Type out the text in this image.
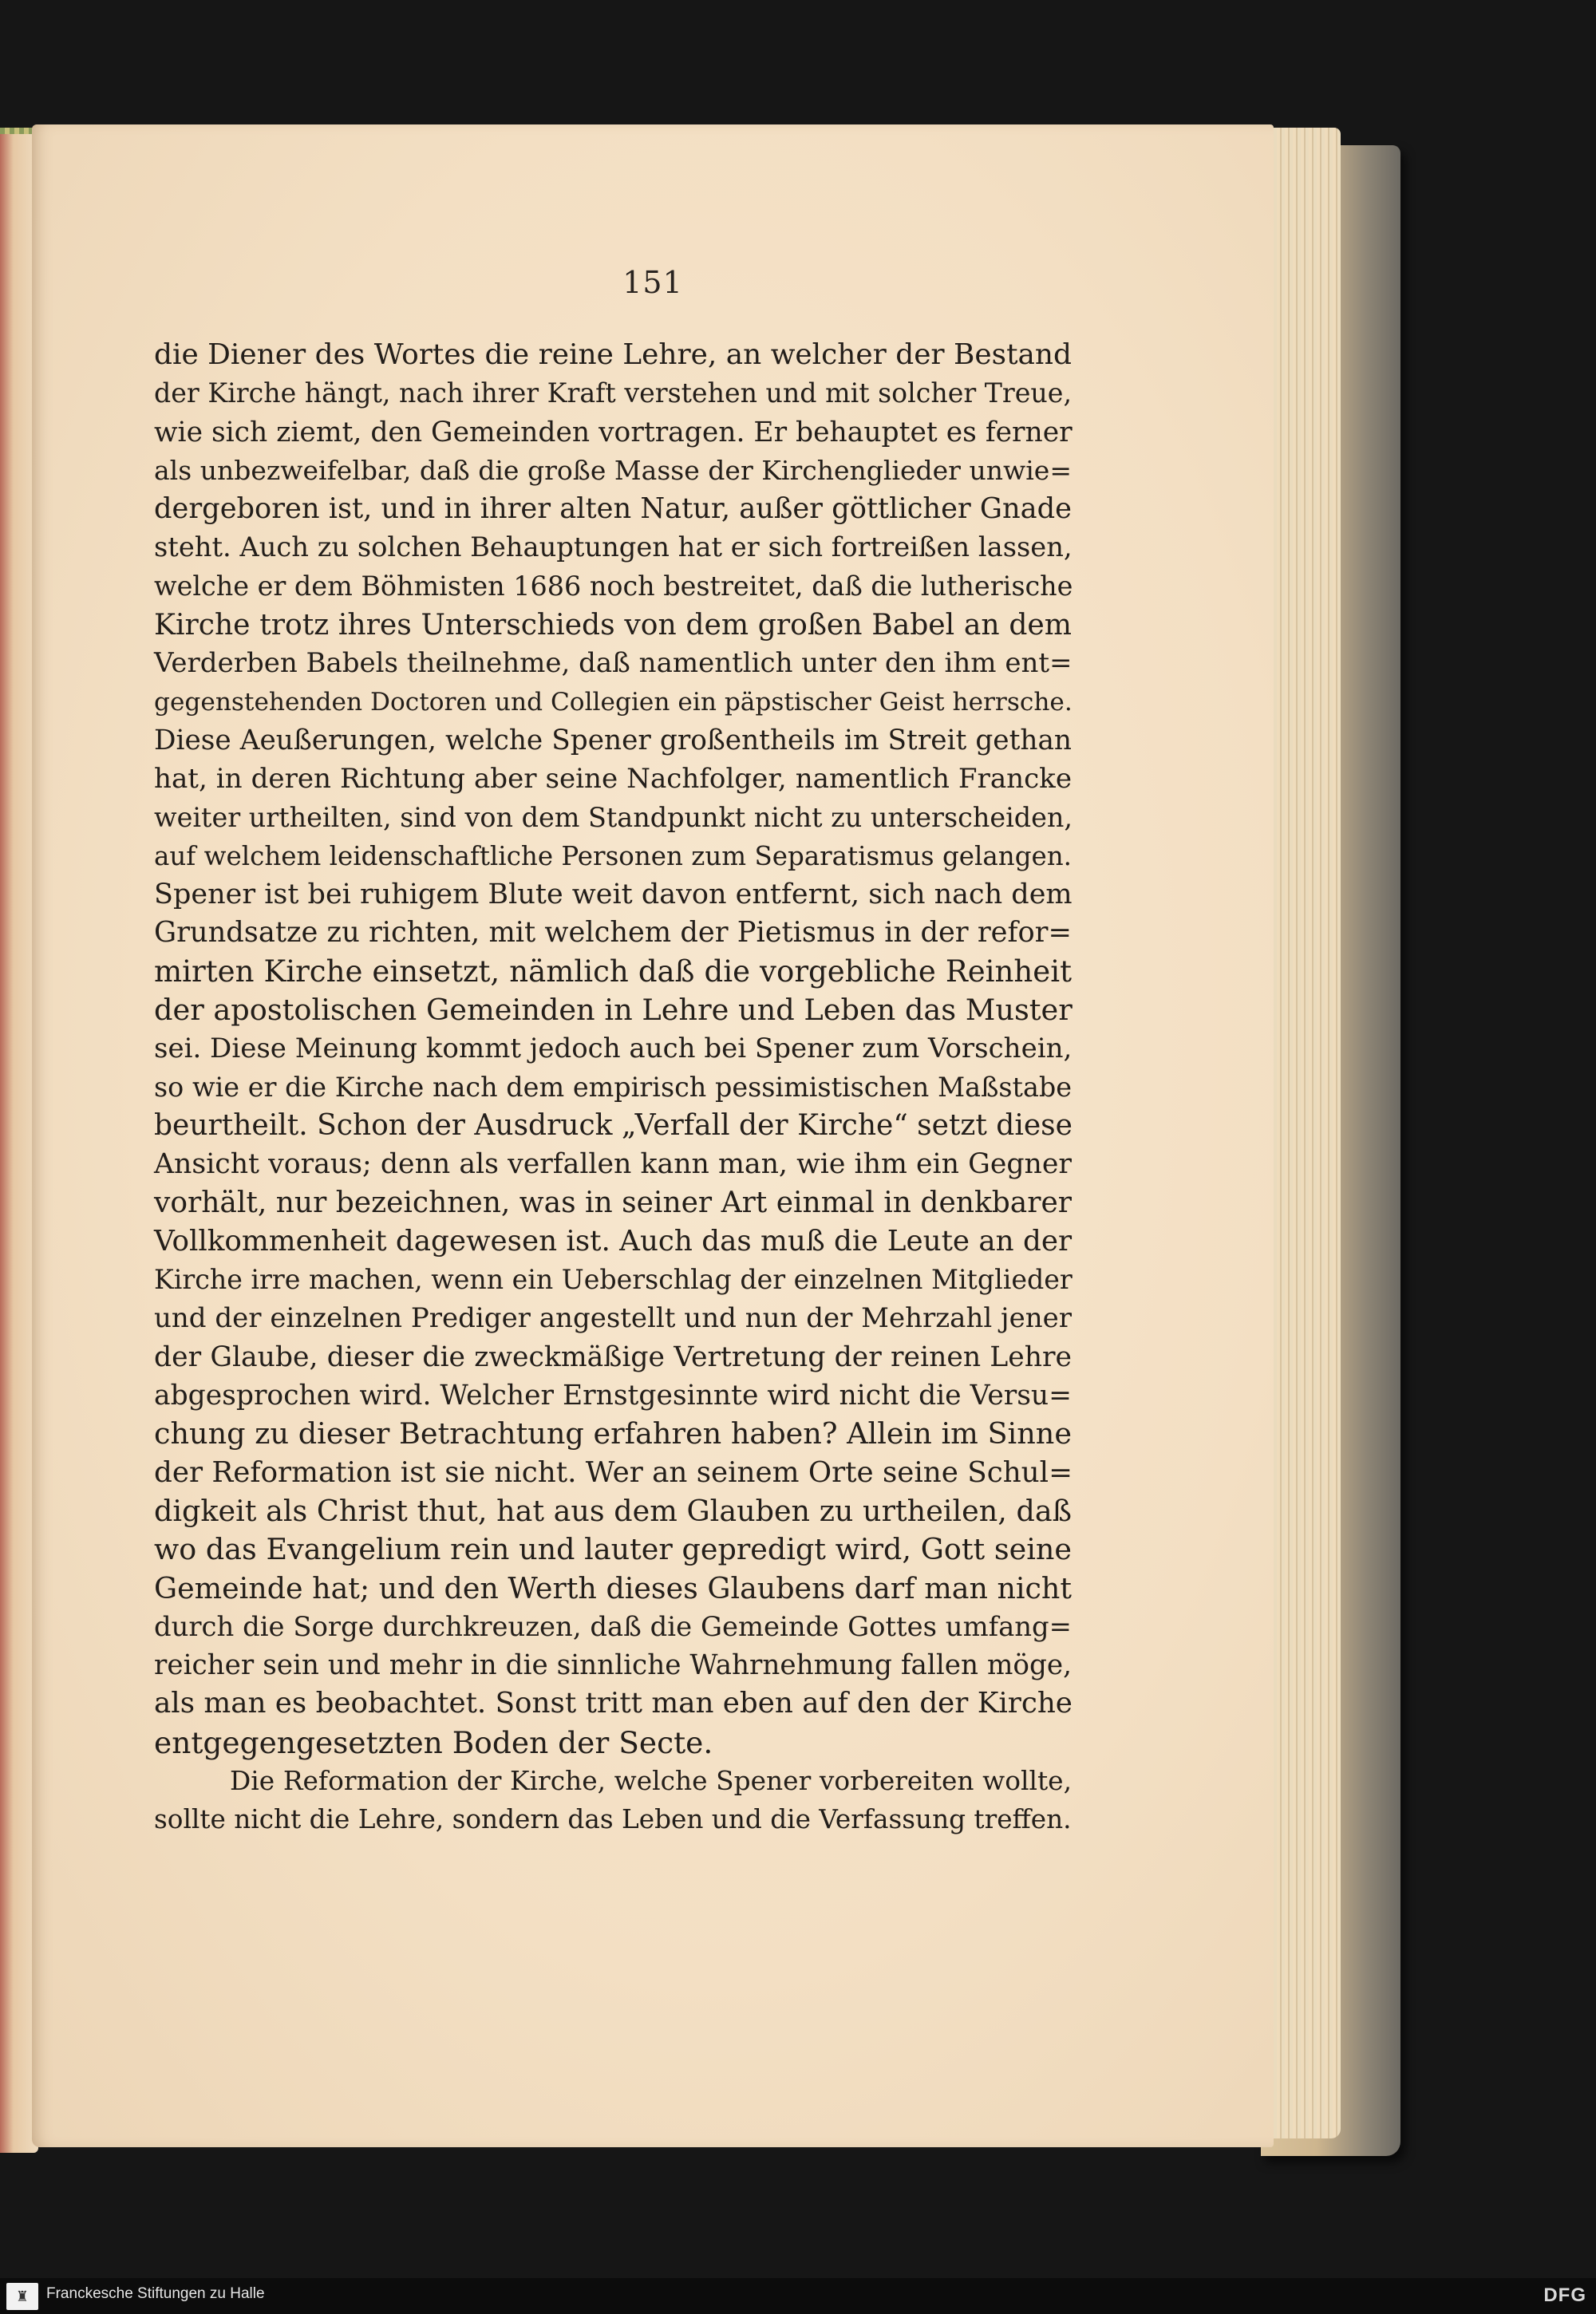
151
die Diener des Wortes die reine Lehre, an welcher der Bestand
der Kirche hängt, nach ihrer Kraft verstehen und mit solcher Treue,
wie sich ziemt, den Gemeinden vortragen. Er behauptet es ferner
als unbezweifelbar, daß die große Masse der Kirchenglieder unwie=
dergeboren ist, und in ihrer alten Natur, außer göttlicher Gnade
steht. Auch zu solchen Behauptungen hat er sich fortreißen lassen,
welche er dem Böhmisten 1686 noch bestreitet, daß die lutherische
Kirche trotz ihres Unterschieds von dem großen Babel an dem
Verderben Babels theilnehme, daß namentlich unter den ihm ent=
gegenstehenden Doctoren und Collegien ein päpstischer Geist herrsche.
Diese Aeußerungen, welche Spener großentheils im Streit gethan
hat, in deren Richtung aber seine Nachfolger, namentlich Francke
weiter urtheilten, sind von dem Standpunkt nicht zu unterscheiden,
auf welchem leidenschaftliche Personen zum Separatismus gelangen.
Spener ist bei ruhigem Blute weit davon entfernt, sich nach dem
Grundsatze zu richten, mit welchem der Pietismus in der refor=
mirten Kirche einsetzt, nämlich daß die vorgebliche Reinheit
der apostolischen Gemeinden in Lehre und Leben das Muster
sei. Diese Meinung kommt jedoch auch bei Spener zum Vorschein,
so wie er die Kirche nach dem empirisch pessimistischen Maßstabe
beurtheilt. Schon der Ausdruck „Verfall der Kirche“ setzt diese
Ansicht voraus; denn als verfallen kann man, wie ihm ein Gegner
vorhält, nur bezeichnen, was in seiner Art einmal in denkbarer
Vollkommenheit dagewesen ist. Auch das muß die Leute an der
Kirche irre machen, wenn ein Ueberschlag der einzelnen Mitglieder
und der einzelnen Prediger angestellt und nun der Mehrzahl jener
der Glaube, dieser die zweckmäßige Vertretung der reinen Lehre
abgesprochen wird. Welcher Ernstgesinnte wird nicht die Versu=
chung zu dieser Betrachtung erfahren haben? Allein im Sinne
der Reformation ist sie nicht. Wer an seinem Orte seine Schul=
digkeit als Christ thut, hat aus dem Glauben zu urtheilen, daß
wo das Evangelium rein und lauter gepredigt wird, Gott seine
Gemeinde hat; und den Werth dieses Glaubens darf man nicht
durch die Sorge durchkreuzen, daß die Gemeinde Gottes umfang=
reicher sein und mehr in die sinnliche Wahrnehmung fallen möge,
als man es beobachtet. Sonst tritt man eben auf den der Kirche
entgegengesetzten Boden der Secte.
Die Reformation der Kirche, welche Spener vorbereiten wollte,
sollte nicht die Lehre, sondern das Leben und die Verfassung treffen.
♜	Franckesche Stiftungen zu Halle	DFG
